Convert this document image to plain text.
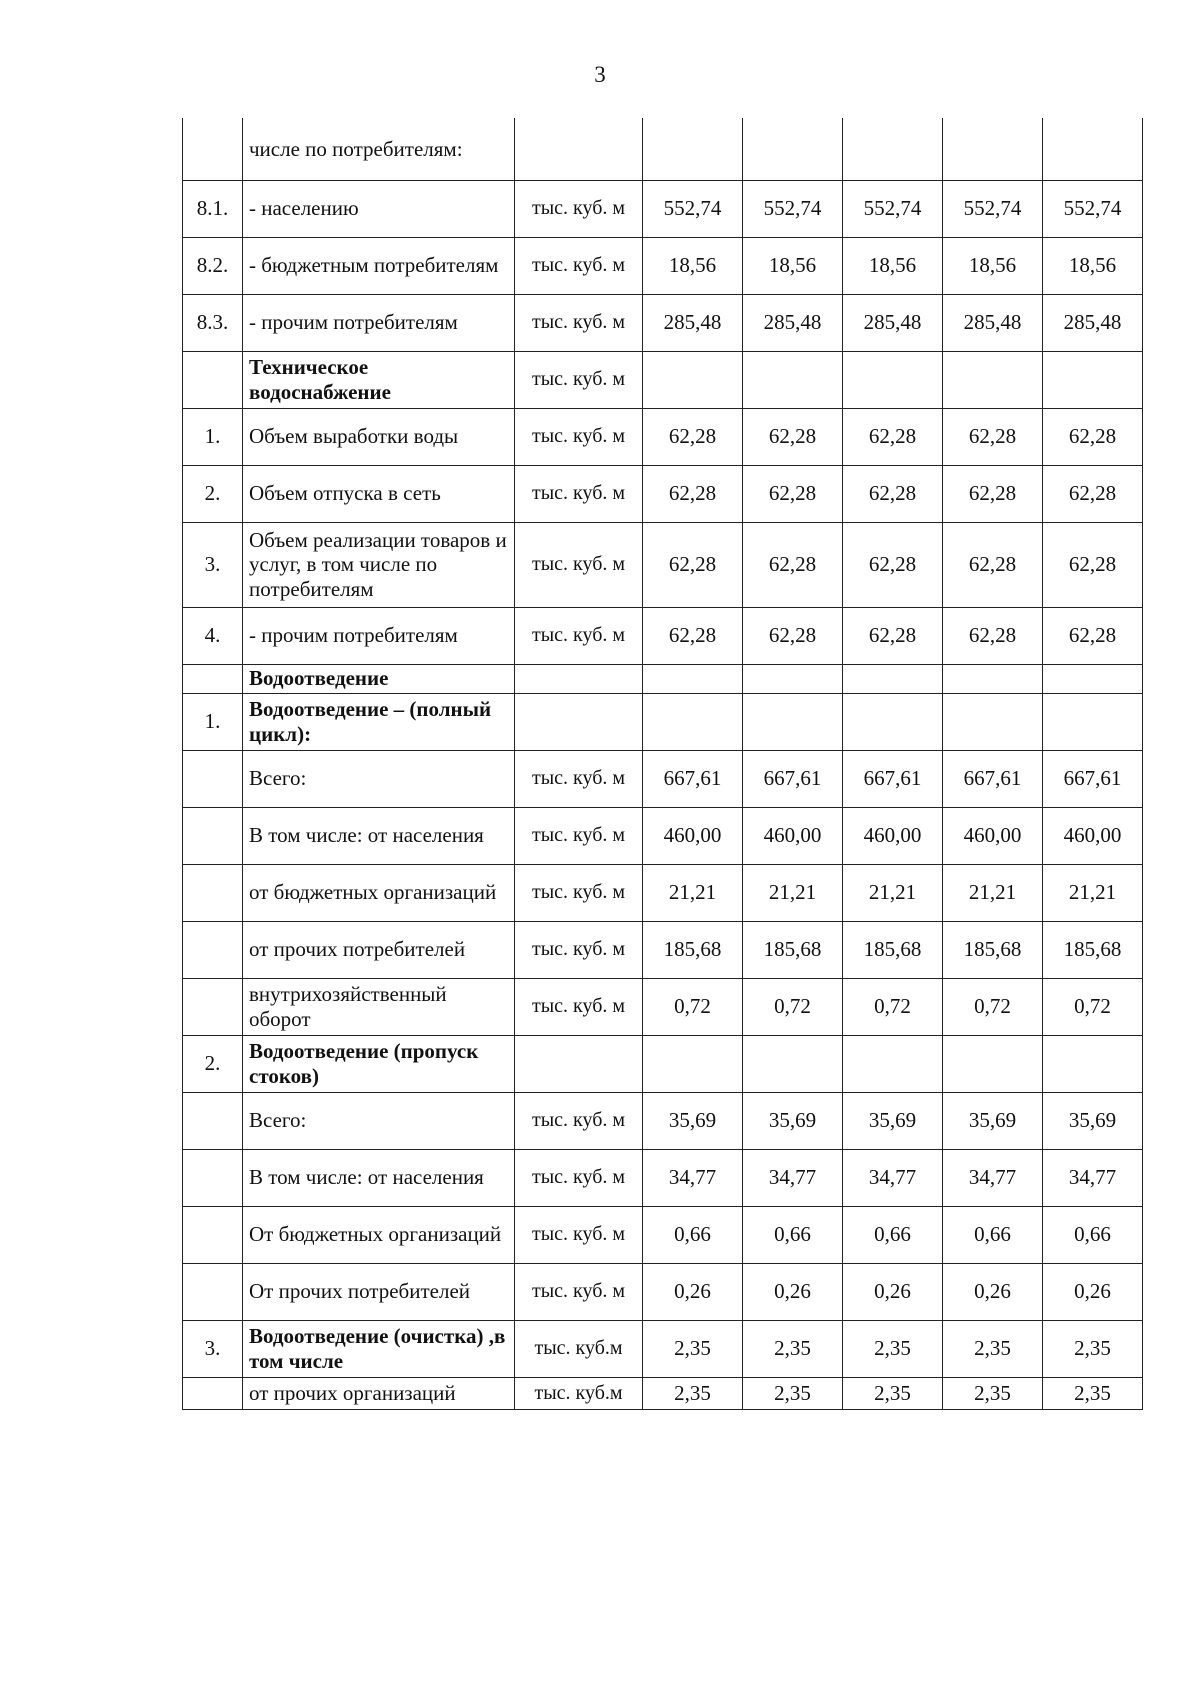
3
	числе по потребителям:						
8.1.	- населению	тыс. куб. м	552,74	552,74	552,74	552,74	552,74
8.2.	- бюджетным потребителям	тыс. куб. м	18,56	18,56	18,56	18,56	18,56
8.3.	- прочим потребителям	тыс. куб. м	285,48	285,48	285,48	285,48	285,48
	Техническое водоснабжение	тыс. куб. м					
1.	Объем выработки воды	тыс. куб. м	62,28	62,28	62,28	62,28	62,28
2.	Объем отпуска в сеть	тыс. куб. м	62,28	62,28	62,28	62,28	62,28
3.	Объем реализации товаров и услуг, в том числе по потребителям	тыс. куб. м	62,28	62,28	62,28	62,28	62,28
4.	- прочим потребителям	тыс. куб. м	62,28	62,28	62,28	62,28	62,28
	Водоотведение						
1.	Водоотведение – (полный цикл):						
	Всего:	тыс. куб. м	667,61	667,61	667,61	667,61	667,61
	В том числе: от населения	тыс. куб. м	460,00	460,00	460,00	460,00	460,00
	от бюджетных организаций	тыс. куб. м	21,21	21,21	21,21	21,21	21,21
	от прочих потребителей	тыс. куб. м	185,68	185,68	185,68	185,68	185,68
	внутрихозяйственный оборот	тыс. куб. м	0,72	0,72	0,72	0,72	0,72
2.	Водоотведение (пропуск стоков)						
	Всего:	тыс. куб. м	35,69	35,69	35,69	35,69	35,69
	В том числе: от населения	тыс. куб. м	34,77	34,77	34,77	34,77	34,77
	От бюджетных организаций	тыс. куб. м	0,66	0,66	0,66	0,66	0,66
	От прочих потребителей	тыс. куб. м	0,26	0,26	0,26	0,26	0,26
3.	Водоотведение (очистка) ,в том числе	тыс. куб.м	2,35	2,35	2,35	2,35	2,35
	от прочих организаций	тыс. куб.м	2,35	2,35	2,35	2,35	2,35
